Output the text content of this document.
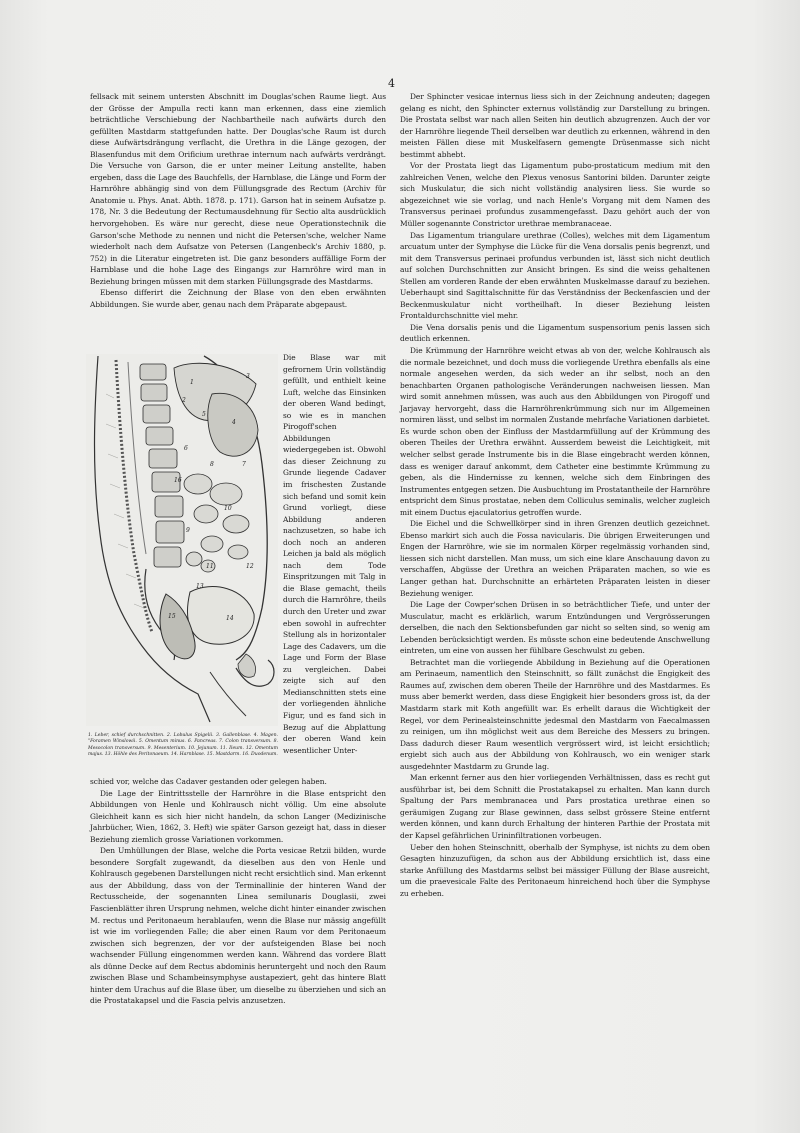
4

fellsack mit seinem untersten Abschnitt im Douglas'schen Raume liegt. Aus der Grösse der Ampulla recti kann man erkennen, dass eine ziemlich beträchtliche Verschiebung der Nachbartheile nach aufwärts durch den gefüllten Mastdarm stattgefunden hatte. Der Douglas'sche Raum ist durch diese Aufwärtsdrängung verflacht, die Urethra in die Länge gezogen, der Blasenfundus mit dem Orificium urethrae internum nach aufwärts verdrängt. Die Versuche von Garson, die er unter meiner Leitung anstellte, haben ergeben, dass die Lage des Bauchfells, der Harnblase, die Länge und Form der Harnröhre abhängig sind von dem Füllungsgrade des Rectum (Archiv für Anatomie u. Phys. Anat. Abth. 1878. p. 171). Garson hat in seinem Aufsatze p. 178, Nr. 3 die Bedeutung der Rectumausdehnung für Sectio alta ausdrücklich hervorgehoben. Es wäre nur gerecht, diese neue Operationstechnik die Garson'sche Methode zu nennen und nicht die Petersen'sche, welcher Name wiederholt nach dem Aufsatze von Petersen (Langenbeck's Archiv 1880, p. 752) in die Literatur eingetreten ist. Die ganz besonders auffällige Form der Harnblase und die hohe Lage des Eingangs zur Harnröhre wird man in Beziehung bringen müssen mit dem starken Füllungsgrade des Mastdarms.

Ebenso differirt die Zeichnung der Blase von den eben erwähnten Abbildungen. Sie wurde aber, genau nach dem Präparate abgepaust.

1
2
3
4
5
6
7
8
9
10
11	12
13
14
15
16

Die Blase war mit gefrornem Urin vollständig gefüllt, und enthielt keine Luft, welche das Einsinken der oberen Wand bedingt, so wie es in manchen Pirogoff'schen Abbildungen wiedergegeben ist. Obwohl das dieser Zeichnung zu Grunde liegende Cadaver im frischesten Zustande sich befand und somit kein Grund vorliegt, diese Abbildung anderen nachzusetzen, so habe ich doch noch an anderen Leichen ja bald als möglich nach dem Tode Einspritzungen mit Talg in die Blase gemacht, theils durch die Harnröhre, theils durch den Ureter und zwar eben sowohl in aufrechter Stellung als in horizontaler Lage des Cadavers, um die Lage und Form der Blase zu vergleichen. Dabei zeigte sich auf den Medianschnitten stets eine der vorliegenden ähnliche Figur, und es fand sich in Bezug auf die Abplattung der oberen Wand kein wesentlicher Unter-

1. Leber, schief durchschnitten. 2. Lobulus Spigelii. 3. Gallenblase. 4. Magen. "Foramen Winslowii. 5. Omentum minus. 6. Pancreas. 7. Colon transversum. 8. Mesocolon transversum. 9. Mesenterium. 10. Jejunum. 11. Ileum. 12. Omentum majus. 13. Höhle des Peritonaeum. 14. Harnblase. 15. Mastdarm. 16. Duodenum.

schied vor, welche das Cadaver gestanden oder gelegen haben.

Die Lage der Eintrittsstelle der Harnröhre in die Blase entspricht den Abbildungen von Henle und Kohlrausch nicht völlig. Um eine absolute Gleichheit kann es sich hier nicht handeln, da schon Langer (Medizinische Jahrbücher, Wien, 1862, 3. Heft) wie später Garson gezeigt hat, dass in dieser Beziehung ziemlich grosse Variationen vorkommen.

Den Umhüllungen der Blase, welche die Porta vesicae Retzii bilden, wurde besondere Sorgfalt zugewandt, da dieselben aus den von Henle und Kohlrausch gegebenen Darstellungen nicht recht ersichtlich sind. Man erkennt aus der Abbildung, dass von der Terminallinie der hinteren Wand der Rectusscheide, der sogenannten Linea semilunaris Douglasii, zwei Fascienblätter ihren Ursprung nehmen, welche dicht hinter einander zwischen M. rectus und Peritonaeum herablaufen, wenn die Blase nur mässig angefüllt ist wie im vorliegenden Falle; die aber einen Raum vor dem Peritonaeum zwischen sich begrenzen, der vor der aufsteigenden Blase bei noch wachsender Füllung eingenommen werden kann. Während das vordere Blatt als dünne Decke auf dem Rectus abdominis heruntergeht und noch den Raum zwischen Blase und Schambeinsymphyse austapeziert, geht das hintere Blatt hinter dem Urachus auf die Blase über, um dieselbe zu überziehen und sich an die Prostatakapsel und die Fascia pelvis anzusetzen.

Der Sphincter vesicae internus liess sich in der Zeichnung andeuten; dagegen gelang es nicht, den Sphincter externus vollständig zur Darstellung zu bringen. Die Prostata selbst war nach allen Seiten hin deutlich abzugrenzen. Auch der vor der Harnröhre liegende Theil derselben war deutlich zu erkennen, während in den meisten Fällen diese mit Muskelfasern gemengte Drüsenmasse sich nicht bestimmt abhebt.

Vor der Prostata liegt das Ligamentum pubo-prostaticum medium mit den zahlreichen Venen, welche den Plexus venosus Santorini bilden. Darunter zeigte sich Muskulatur, die sich nicht vollständig analysiren liess. Sie wurde so abgezeichnet wie sie vorlag, und nach Henle's Vorgang mit dem Namen des Transversus perinaei profundus zusammengefasst. Dazu gehört auch der von Müller sogenannte Constrictor urethrae membranaceae.

Das Ligamentum triangulare urethrae (Colles), welches mit dem Ligamentum arcuatum unter der Symphyse die Lücke für die Vena dorsalis penis begrenzt, und mit dem Transversus perinaei profundus verbunden ist, lässt sich nicht deutlich auf solchen Durchschnitten zur Ansicht bringen. Es sind die weiss gehaltenen Stellen am vorderen Rande der eben erwähnten Muskelmasse darauf zu beziehen. Ueberhaupt sind Sagittalschnitte für das Verständniss der Beckenfascien und der Beckenmuskulatur nicht vortheilhaft. In dieser Beziehung leisten Frontaldurchschnitte viel mehr.

Die Vena dorsalis penis und die Ligamentum suspensorium penis lassen sich deutlich erkennen.

Die Krümmung der Harnröhre weicht etwas ab von der, welche Kohlrausch als die normale bezeichnet, und doch muss die vorliegende Urethra ebenfalls als eine normale angesehen werden, da sich weder an ihr selbst, noch an den benachbarten Organen pathologische Veränderungen nachweisen liessen. Man wird somit annehmen müssen, was auch aus den Abbildungen von Pirogoff und Jarjavay hervorgeht, dass die Harnröhrenkrümmung sich nur im Allgemeinen normiren lässt, und selbst im normalen Zustande mehrfache Variationen darbietet. Es wurde schon oben der Einfluss der Mastdarmfüllung auf der Krümmung des oberen Theiles der Urethra erwähnt. Ausserdem beweist die Leichtigkeit, mit welcher selbst gerade Instrumente bis in die Blase eingebracht werden können, dass es weniger darauf ankommt, dem Catheter eine bestimmte Krümmung zu geben, als die Hindernisse zu kennen, welche sich dem Einbringen des Instrumentes entgegen setzen. Die Ausbuchtung im Prostatantheile der Harnröhre entspricht dem Sinus prostatae, neben dem Colliculus seminalis, welcher zugleich mit einem Ductus ejaculatorius getroffen wurde.

Die Eichel und die Schwellkörper sind in ihren Grenzen deutlich gezeichnet. Ebenso markirt sich auch die Fossa navicularis. Die übrigen Erweiterungen und Engen der Harnröhre, wie sie im normalen Körper regelmässig vorhanden sind, liessen sich nicht darstellen. Man muss, um sich eine klare Anschauung davon zu verschaffen, Abgüsse der Urethra an weichen Präparaten machen, so wie es Langer gethan hat. Durchschnitte an erhärteten Präparaten leisten in dieser Beziehung weniger.

Die Lage der Cowper'schen Drüsen in so beträchtlicher Tiefe, und unter der Musculatur, macht es erklärlich, warum Entzündungen und Vergrösserungen derselben, die nach den Sektionsbefunden gar nicht so selten sind, so wenig am Lebenden berücksichtigt werden. Es müsste schon eine bedeutende Anschwellung eintreten, um eine von aussen her fühlbare Geschwulst zu geben.

Betrachtet man die vorliegende Abbildung in Beziehung auf die Operationen am Perinaeum, namentlich den Steinschnitt, so fällt zunächst die Engigkeit des Raumes auf, zwischen dem oberen Theile der Harnröhre und des Mastdarmes. Es muss aber bemerkt werden, dass diese Engigkeit hier besonders gross ist, da der Mastdarm stark mit Koth angefüllt war. Es erhellt daraus die Wichtigkeit der Regel, vor dem Perinealsteinschnitte jedesmal den Mastdarm von Faecalmassen zu reinigen, um ihn möglichst weit aus dem Bereiche des Messers zu bringen. Dass dadurch dieser Raum wesentlich vergrössert wird, ist leicht ersichtlich; ergiebt sich auch aus der Abbildung von Kohlrausch, wo ein weniger stark ausgedehnter Mastdarm zu Grunde lag.

Man erkennt ferner aus den hier vorliegenden Verhältnissen, dass es recht gut ausführbar ist, bei dem Schnitt die Prostatakapsel zu erhalten. Man kann durch Spaltung der Pars membranacea und Pars prostatica urethrae einen so geräumigen Zugang zur Blase gewinnen, dass selbst grössere Steine entfernt werden können, und kann durch Erhaltung der hinteren Parthie der Prostata mit der Kapsel gefährlichen Urininfiltrationen vorbeugen.

Ueber den hohen Steinschnitt, oberhalb der Symphyse, ist nichts zu dem oben Gesagten hinzuzufügen, da schon aus der Abbildung ersichtlich ist, dass eine starke Anfüllung des Mastdarms selbst bei mässiger Füllung der Blase ausreicht, um die praevesicale Falte des Peritonaeum hinreichend hoch über die Symphyse zu erheben.
